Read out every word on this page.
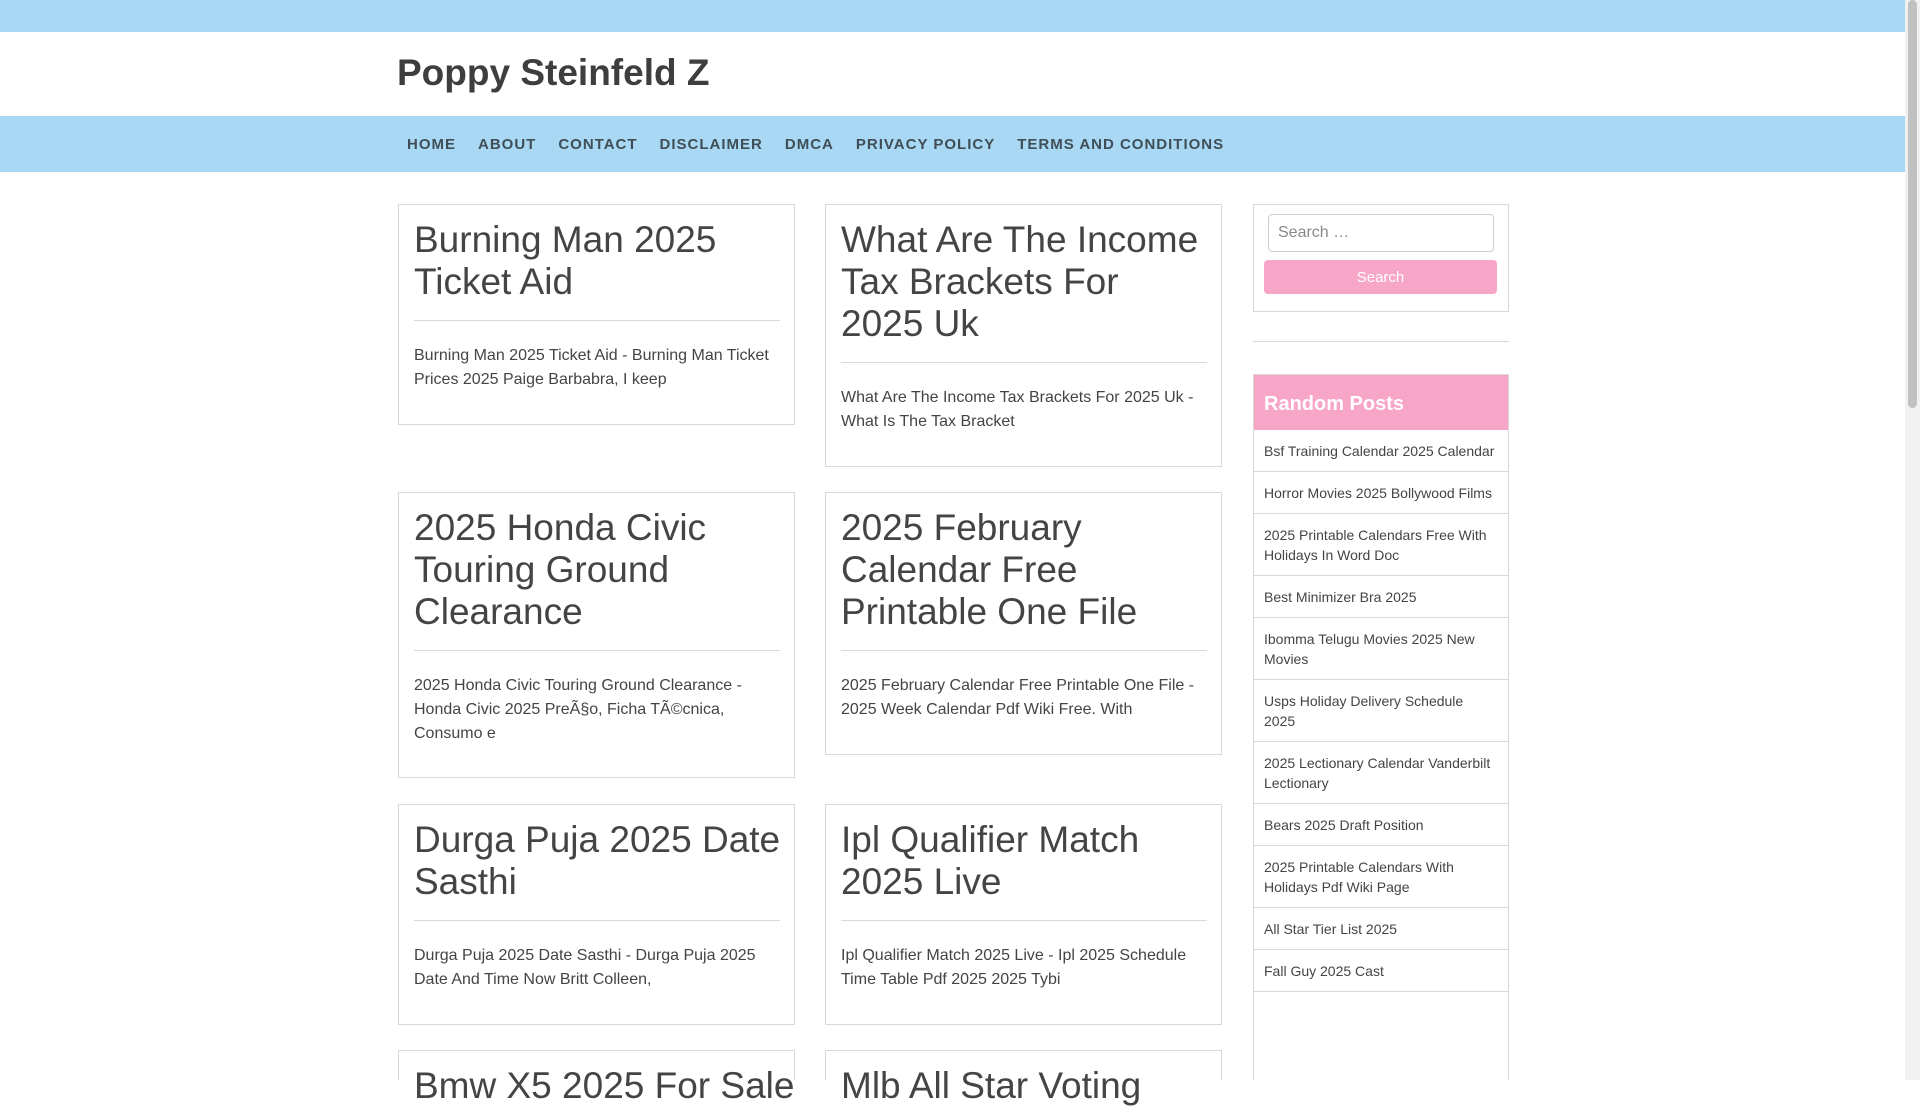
Poppy Steinfeld Z
HOME	ABOUT	CONTACT	DISCLAIMER	DMCA	PRIVACY POLICY	TERMS AND CONDITIONS
Burning Man 2025 Ticket Aid

Burning Man 2025 Ticket Aid - Burning Man Ticket Prices 2025 Paige Barbabra, I keep

What Are The Income Tax Brackets For 2025 Uk

What Are The Income Tax Brackets For 2025 Uk - What Is The Tax Bracket

2025 Honda Civic Touring Ground Clearance

2025 Honda Civic Touring Ground Clearance - Honda Civic 2025 PreÃ§o, Ficha TÃ©cnica, Consumo e

2025 February Calendar Free Printable One File

2025 February Calendar Free Printable One File - 2025 Week Calendar Pdf Wiki Free. With

Durga Puja 2025 Date Sasthi

Durga Puja 2025 Date Sasthi - Durga Puja 2025 Date And Time Now Britt Colleen,

Ipl Qualifier Match 2025 Live

Ipl Qualifier Match 2025 Live - Ipl 2025 Schedule Time Table Pdf 2025 2025 Tybi

Bmw X5 2025 For Sale Mlb All Star Voting
Search …
Search
Random Posts
Bsf Training Calendar 2025 Calendar
Horror Movies 2025 Bollywood Films
2025 Printable Calendars Free With Holidays In Word Doc
Best Minimizer Bra 2025
Ibomma Telugu Movies 2025 New Movies
Usps Holiday Delivery Schedule 2025
2025 Lectionary Calendar Vanderbilt Lectionary
Bears 2025 Draft Position
2025 Printable Calendars With Holidays Pdf Wiki Page
All Star Tier List 2025
Fall Guy 2025 Cast
